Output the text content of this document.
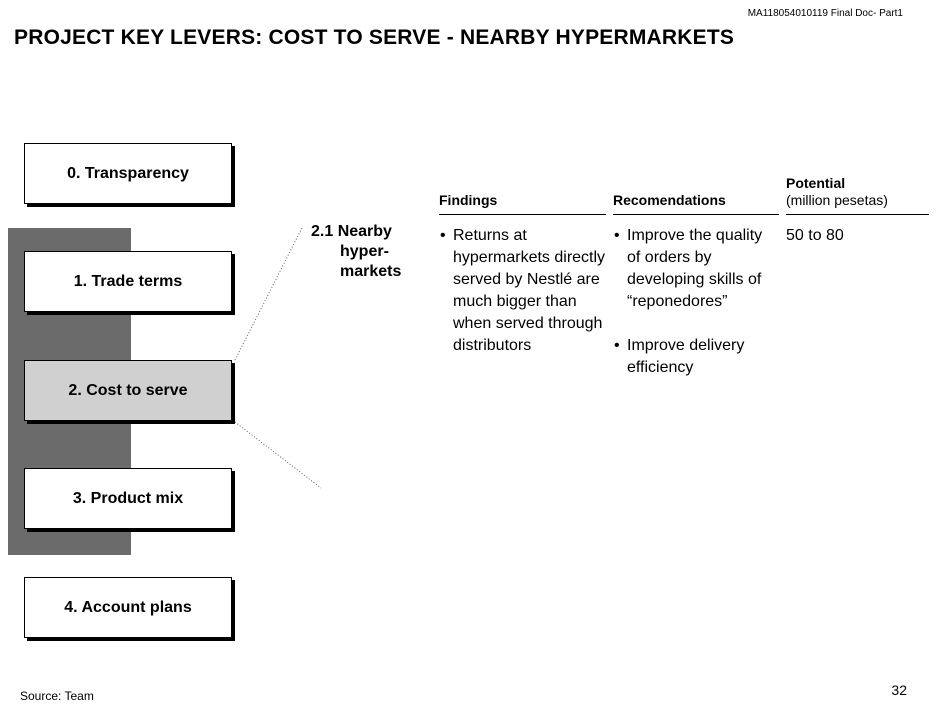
MA118054010119 Final Doc- Part1
PROJECT KEY LEVERS: COST TO SERVE - NEARBY HYPERMARKETS
0. Transparency
1. Trade terms
2. Cost to serve
3. Product mix
4. Account plans
2.1 Nearby
hyper-
markets
Findings
• Returns at hypermarkets directly served by Nestlé are much bigger than when served through distributors
Recomendations
• Improve the quality of orders by developing skills of “reponedores”
• Improve delivery efficiency
Potential
(million pesetas)
50 to 80
Source: Team	32
